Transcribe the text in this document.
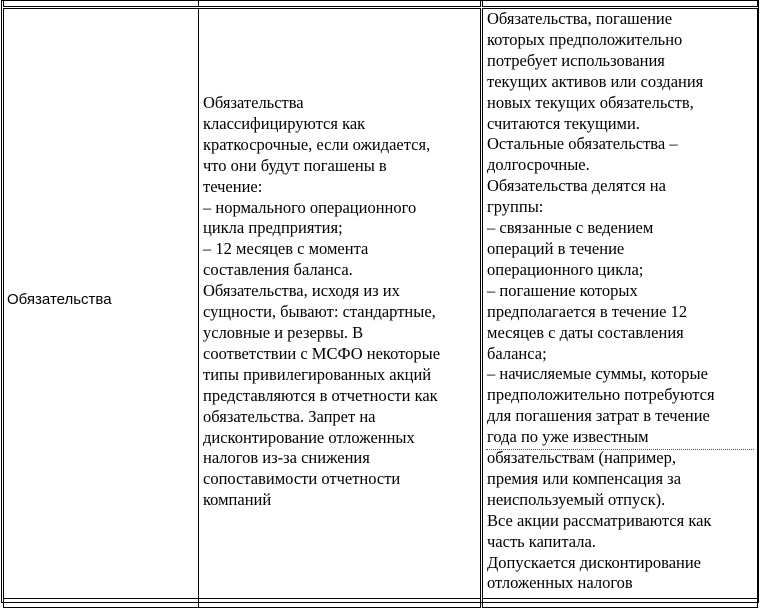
Обязательства
Обязательства
классифицируются как
краткосрочные, если ожидается,
что они будут погашены в
течение:
– нормального операционного
цикла предприятия;
– 12 месяцев с момента
составления баланса.
Обязательства, исходя из их
сущности, бывают: стандартные,
условные и резервы. В
соответствии с МСФО некоторые
типы привилегированных акций
представляются в отчетности как
обязательства. Запрет на
дисконтирование отложенных
налогов из-за снижения
сопоставимости отчетности
компаний
Обязательства, погашение
которых предположительно
потребует использования
текущих активов или создания
новых текущих обязательств,
считаются текущими.
Остальные обязательства –
долгосрочные.
Обязательства делятся на
группы:
– связанные с ведением
операций в течение
операционного цикла;
– погашение которых
предполагается в течение 12
месяцев с даты составления
баланса;
– начисляемые суммы, которые
предположительно потребуются
для погашения затрат в течение
года по уже известным
обязательствам (например,
премия или компенсация за
неиспользуемый отпуск).
Все акции рассматриваются как
часть капитала.
Допускается дисконтирование
отложенных налогов
